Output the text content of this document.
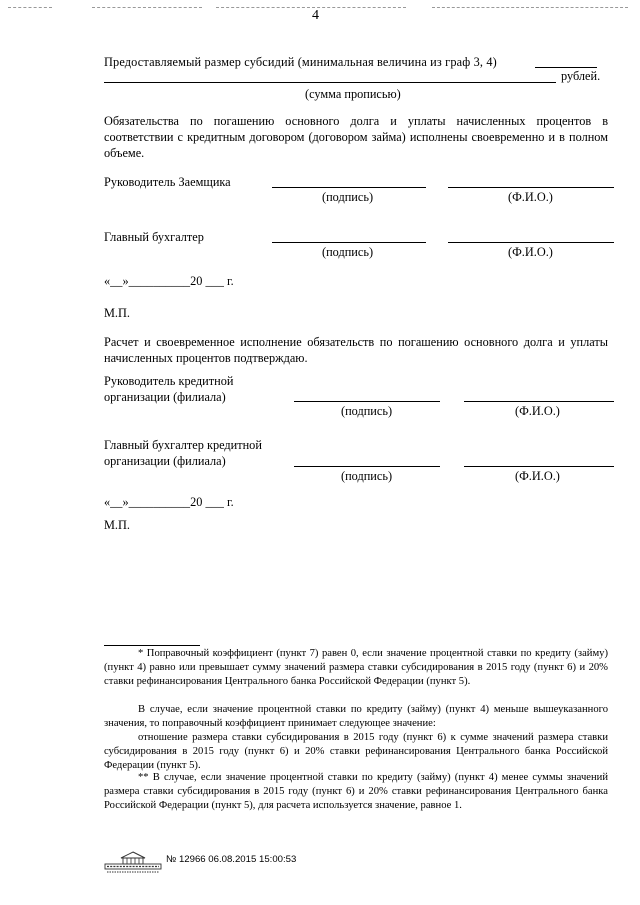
4
Предоставляемый размер субсидий (минимальная величина из граф 3, 4)
рублей.
(сумма прописью)
Обязательства по погашению основного долга и уплаты начисленных процентов в соответствии с кредитным договором (договором займа) исполнены своевременно и в полном объеме.
Руководитель Заемщика
(подпись)	(Ф.И.О.)
Главный бухгалтер
(подпись)	(Ф.И.О.)
«__»__________20 ___ г.
М.П.
Расчет и своевременное исполнение обязательств по погашению основного долга и уплаты начисленных процентов подтверждаю.
Руководитель кредитной
организации (филиала)
(подпись)	(Ф.И.О.)
Главный бухгалтер кредитной
организации (филиала)
(подпись)	(Ф.И.О.)
«__»__________20 ___ г.
М.П.
* Поправочный коэффициент (пункт 7) равен 0, если значение процентной ставки по кредиту (займу) (пункт 4) равно или превышает сумму значений размера ставки субсидирования в 2015 году (пункт 6) и 20% ставки рефинансирования Центрального банка Российской Федерации (пункт 5).
В случае, если значение процентной ставки по кредиту (займу) (пункт 4) меньше вышеуказанного значения, то поправочный коэффициент принимает следующее значение:
отношение размера ставки субсидирования в 2015 году (пункт 6) к сумме значений размера ставки субсидирования в 2015 году (пункт 6) и 20% ставки рефинансирования Центрального банка Российской Федерации (пункт 5).
** В случае, если значение процентной ставки по кредиту (займу) (пункт 4) менее суммы значений размера ставки субсидирования в 2015 году (пункт 6) и 20% ставки рефинансирования Центрального банка Российской Федерации (пункт 5), для расчета используется значение, равное 1.
№ 12966 06.08.2015 15:00:53
